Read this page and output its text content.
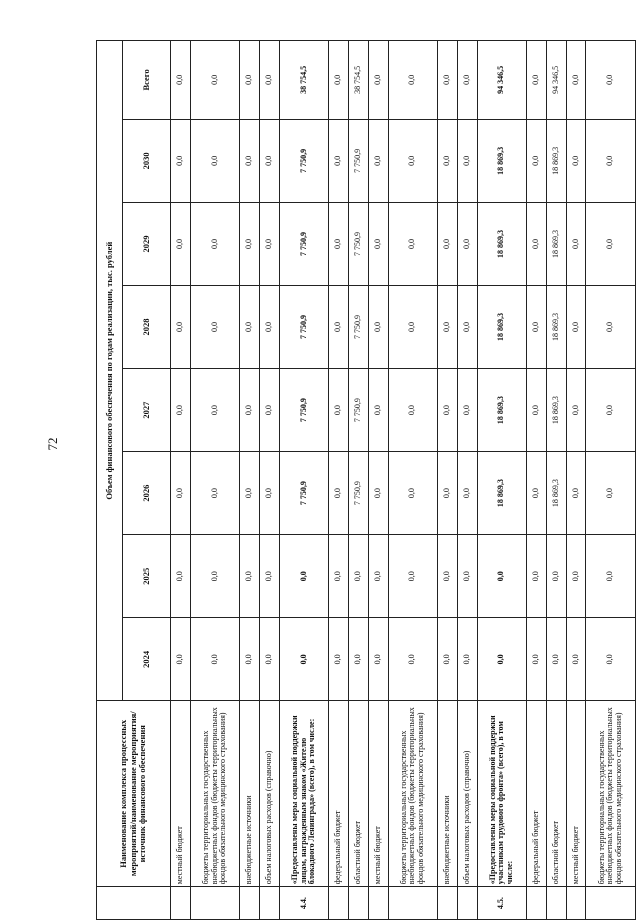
72
	Наименование комплекса процессных мероприятий/наименование мероприятия/ источник финансового обеспечения	Объем финансового обеспечения по годам реализации, тыс. рублей							
		2024	2025	2026	2027	2028	2029	2030	Всего
	местный бюджет	0,0	0,0	0,0	0,0	0,0	0,0	0,0	0,0
	бюджеты территориальных государственных внебюджетных фондов (бюджеты территориальных фондов обязательного медицинского страхования)	0,0	0,0	0,0	0,0	0,0	0,0	0,0	0,0
	внебюджетные источники	0,0	0,0	0,0	0,0	0,0	0,0	0,0	0,0
	объем налоговых расходов (справочно)	0,0	0,0	0,0	0,0	0,0	0,0	0,0	0,0
4.4.	«Предоставлены меры социальной поддержки лицам, награжденным знаком «Жителю блокадного Ленинграда» (всего), в том числе:	0,0	0,0	7 750,9	7 750,9	7 750,9	7 750,9	7 750,9	38 754,5
	федеральный бюджет	0,0	0,0	0,0	0,0	0,0	0,0	0,0	0,0
	областной бюджет	0,0	0,0	7 750,9	7 750,9	7 750,9	7 750,9	7 750,9	38 754,5
	местный бюджет	0,0	0,0	0,0	0,0	0,0	0,0	0,0	0,0
	бюджеты территориальных государственных внебюджетных фондов (бюджеты территориальных фондов обязательного медицинского страхования)	0,0	0,0	0,0	0,0	0,0	0,0	0,0	0,0
	внебюджетные источники	0,0	0,0	0,0	0,0	0,0	0,0	0,0	0,0
	объем налоговых расходов (справочно)	0,0	0,0	0,0	0,0	0,0	0,0	0,0	0,0
4.5.	«Предоставлены меры социальной поддержки участникам трудового фронта» (всего), в том числе:	0,0	0,0	18 869,3	18 869,3	18 869,3	18 869,3	18 869,3	94 346,5
	федеральный бюджет	0,0	0,0	0,0	0,0	0,0	0,0	0,0	0,0
	областной бюджет	0,0	0,0	18 869,3	18 869,3	18 869,3	18 869,3	18 869,3	94 346,5
	местный бюджет	0,0	0,0	0,0	0,0	0,0	0,0	0,0	0,0
	бюджеты территориальных государственных внебюджетных фондов (бюджеты территориальных фондов обязательного медицинского страхования)	0,0	0,0	0,0	0,0	0,0	0,0	0,0	0,0
